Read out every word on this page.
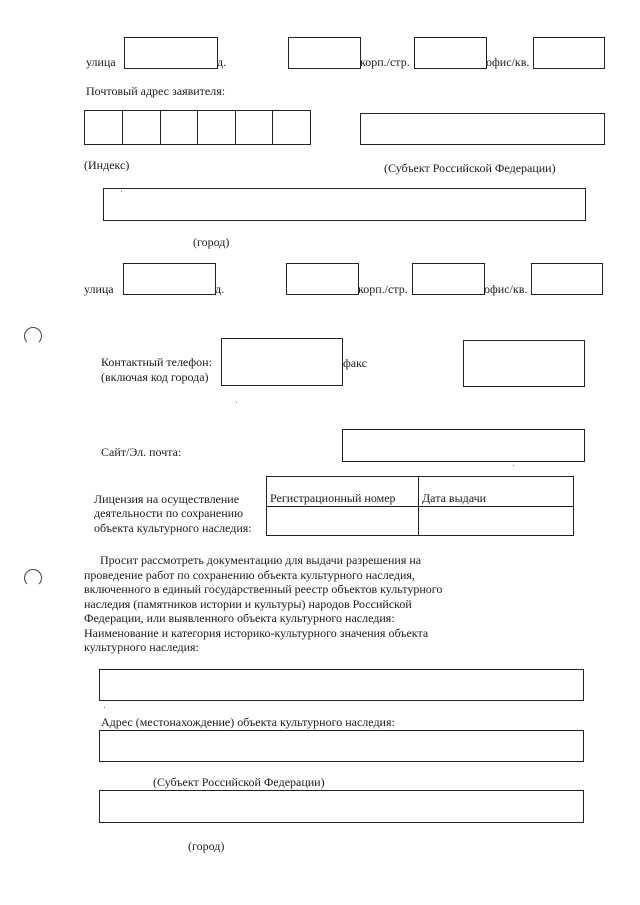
улица	д.	корп./стр.	офис/кв.
Почтовый адрес заявителя:
(Индекс)	(Субъект Российской Федерации)
(город)
улица	д.	корп./стр.	офис/кв.
Контактный телефон:
(включая код города)
факс
Сайт/Эл. почта:
Лицензия на осуществление
деятельности по сохранению
объекта культурного наследия:
Регистрационный номер	Дата выдачи

Просит рассмотреть документацию для выдачи разрешения на
проведение работ по сохранению объекта культурного наследия,
включенного в единый государственный реестр объектов культурного
наследия (памятников истории и культуры) народов Российской
Федерации, или выявленного объекта культурного наследия:
Наименование и категория историко-культурного значения объекта
культурного наследия:
Адрес (местонахождение) объекта культурного наследия:
(Субъект Российской Федерации)
(город)
